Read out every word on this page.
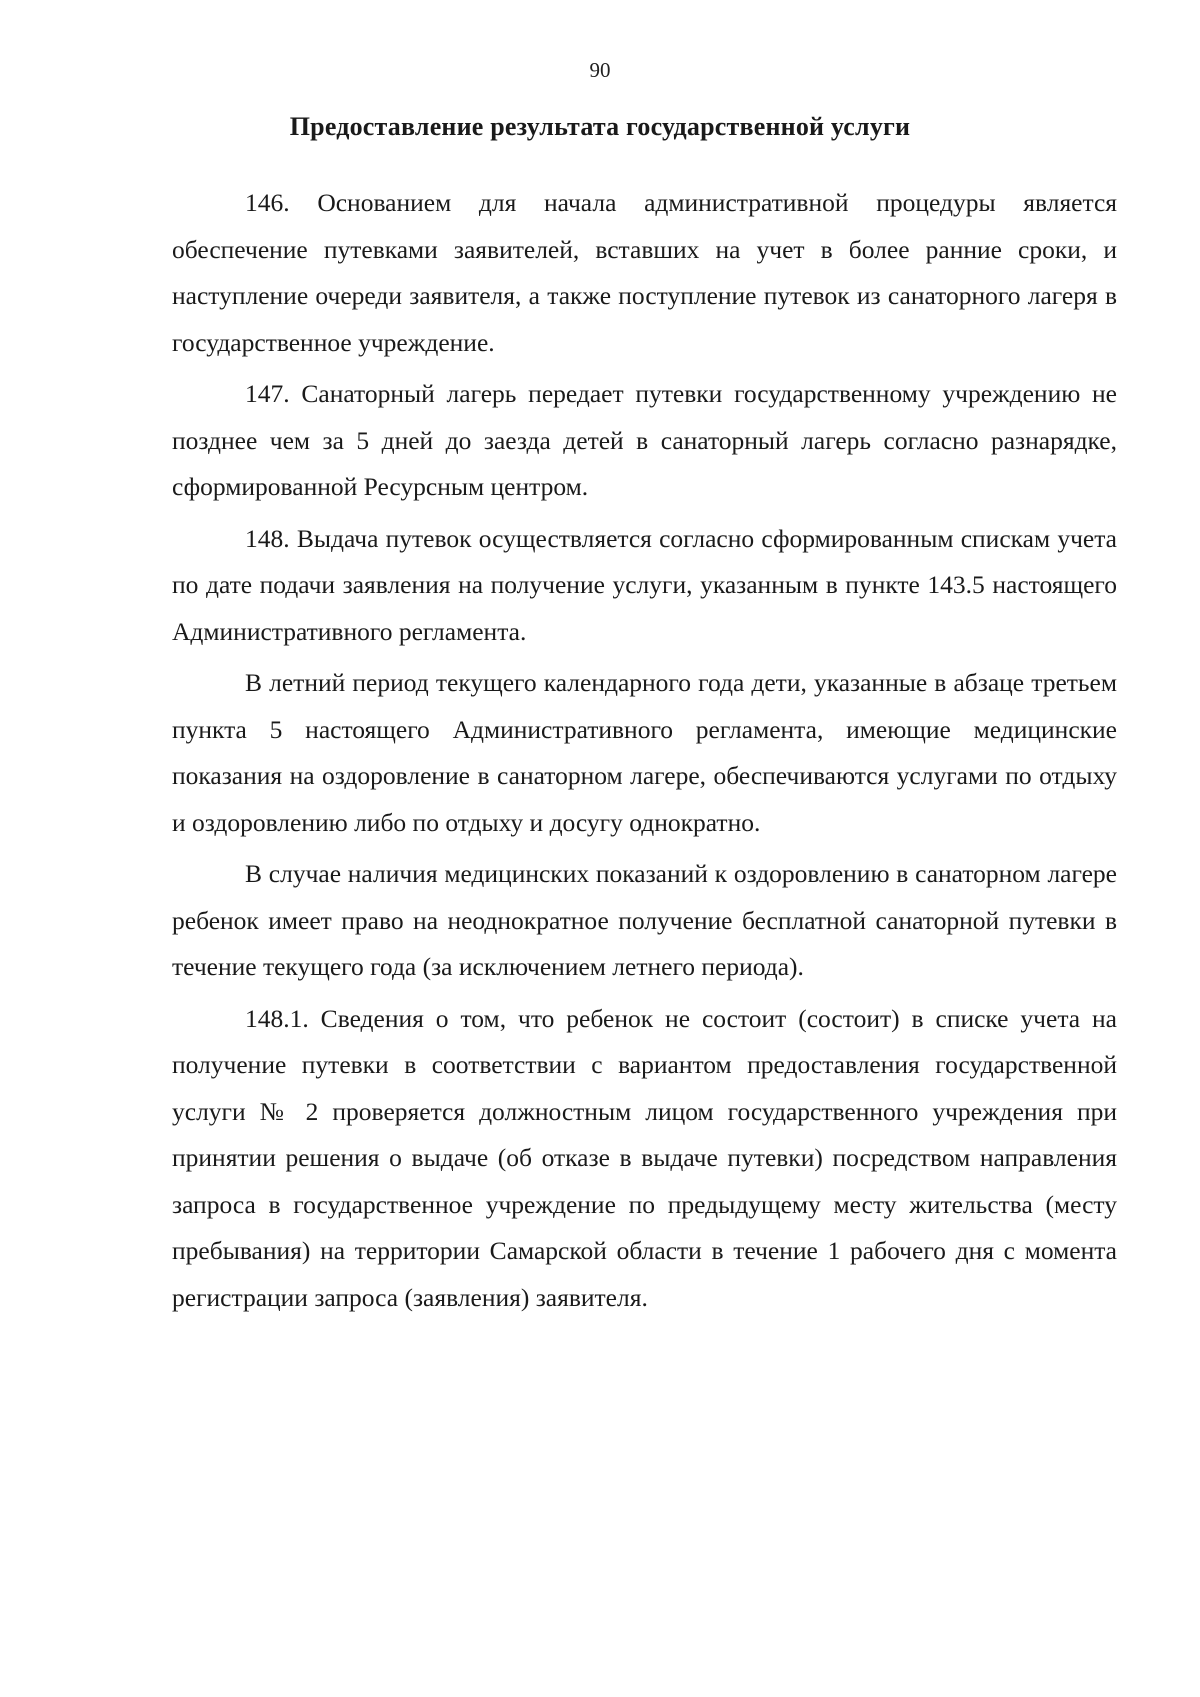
90
Предоставление результата государственной услуги

146. Основанием для начала административной процедуры является обеспечение путевками заявителей, вставших на учет в более ранние сроки, и наступление очереди заявителя, а также поступление путевок из санаторного лагеря в государственное учреждение.

147. Санаторный лагерь передает путевки государственному учреждению не позднее чем за 5 дней до заезда детей в санаторный лагерь согласно разнарядке, сформированной Ресурсным центром.

148. Выдача путевок осуществляется согласно сформированным спискам учета по дате подачи заявления на получение услуги, указанным в пункте 143.5 настоящего Административного регламента.

В летний период текущего календарного года дети, указанные в абзаце третьем пункта 5 настоящего Административного регламента, имеющие медицинские показания на оздоровление в санаторном лагере, обеспечиваются услугами по отдыху и оздоровлению либо по отдыху и досугу однократно.

В случае наличия медицинских показаний к оздоровлению в санаторном лагере ребенок имеет право на неоднократное получение бесплатной санаторной путевки в течение текущего года (за исключением летнего периода).

148.1. Сведения о том, что ребенок не состоит (состоит) в списке учета на получение путевки в соответствии с вариантом предоставления государственной услуги № 2 проверяется должностным лицом государственного учреждения при принятии решения о выдаче (об отказе в выдаче путевки) посредством направления запроса в государственное учреждение по предыдущему месту жительства (месту пребывания) на территории Самарской области в течение 1 рабочего дня с момента регистрации запроса (заявления) заявителя.
